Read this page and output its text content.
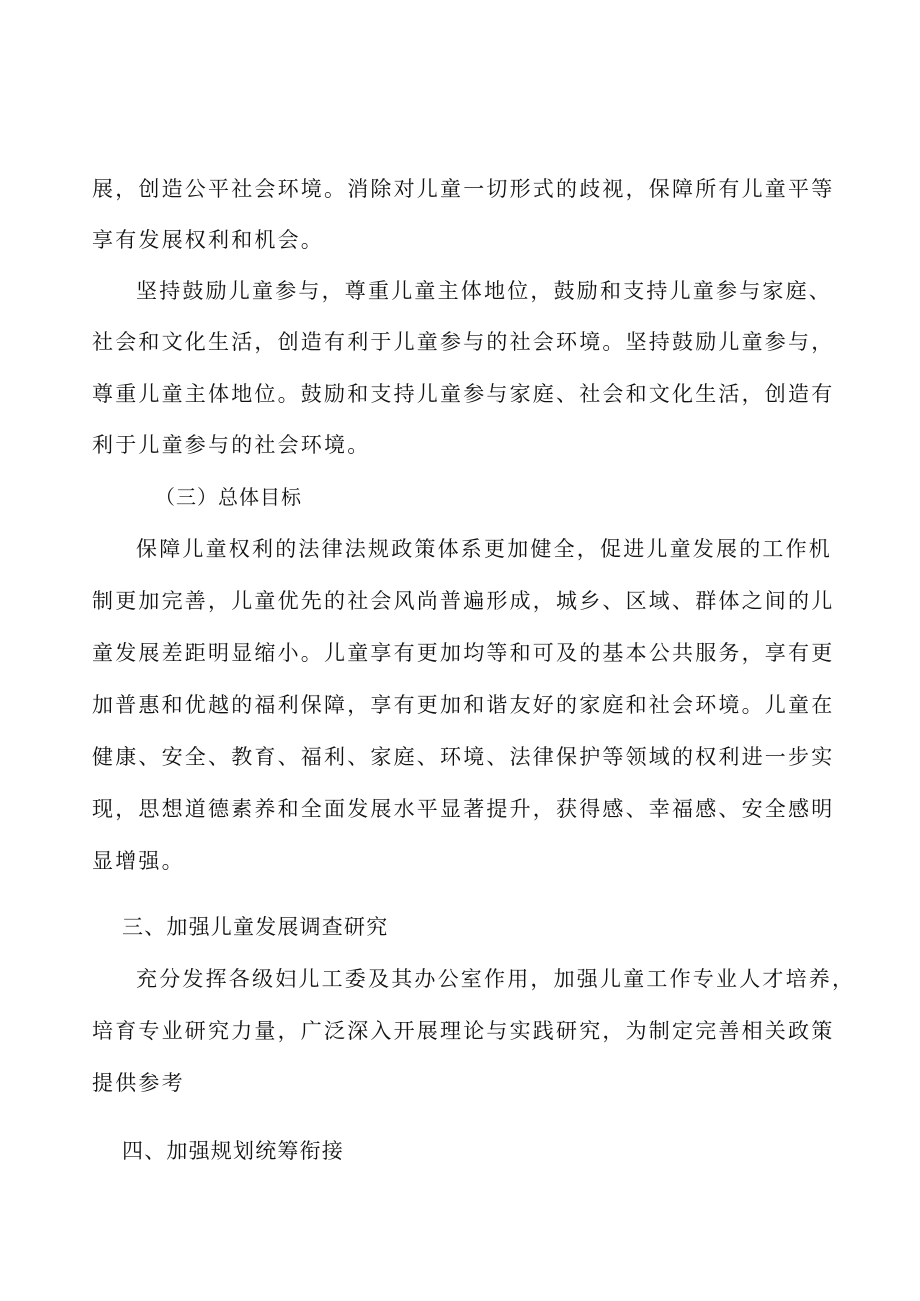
展，创造公平社会环境。消除对儿童一切形式的歧视，保障所有儿童平等
享有发展权利和机会。
坚持鼓励儿童参与，尊重儿童主体地位，鼓励和支持儿童参与家庭、
社会和文化生活，创造有利于儿童参与的社会环境。坚持鼓励儿童参与，
尊重儿童主体地位。鼓励和支持儿童参与家庭、社会和文化生活，创造有
利于儿童参与的社会环境。
（三）总体目标
保障儿童权利的法律法规政策体系更加健全，促进儿童发展的工作机
制更加完善，儿童优先的社会风尚普遍形成，城乡、区域、群体之间的儿
童发展差距明显缩小。儿童享有更加均等和可及的基本公共服务，享有更
加普惠和优越的福利保障，享有更加和谐友好的家庭和社会环境。儿童在
健康、安全、教育、福利、家庭、环境、法律保护等领域的权利进一步实
现，思想道德素养和全面发展水平显著提升，获得感、幸福感、安全感明
显增强。
三、加强儿童发展调查研究
充分发挥各级妇儿工委及其办公室作用，加强儿童工作专业人才培养，
培育专业研究力量，广泛深入开展理论与实践研究，为制定完善相关政策
提供参考
四、加强规划统筹衔接
